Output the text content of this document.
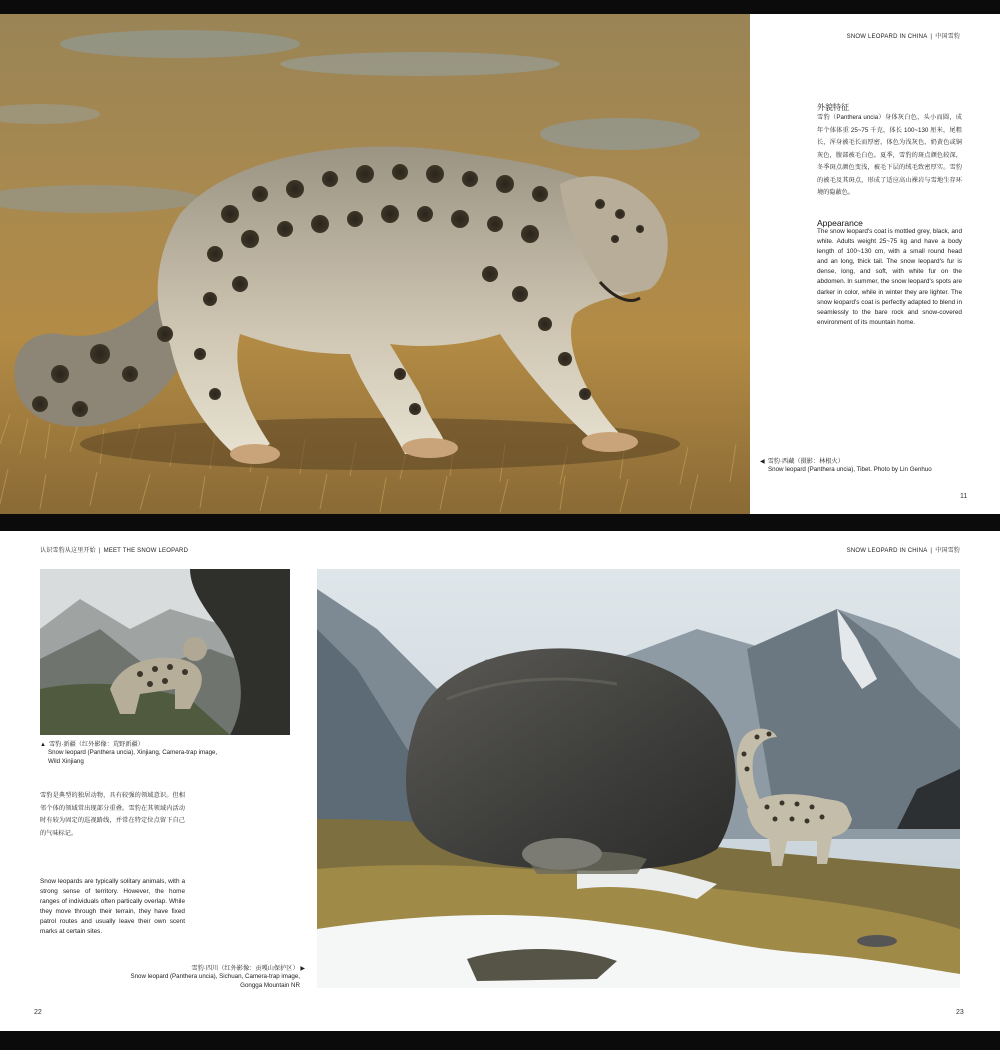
SNOW LEOPARD IN CHINA | 中国雪豹
外貌特征
雪豹（Panthera uncia）身体灰白色，头小而圆，成年个体体重 25~75 千克，体长 100~130 厘米，尾粗长，浑身被毛长而厚密，体色为浅灰色、奶黄色或铜灰色，腹部被毛白色。夏季，雪豹的斑点颜色较深，冬季斑点颜色变浅，被毛下层的绒毛致密厚实。雪豹的被毛及其斑点，形成了适应高山裸岩与雪地生存环境的隐蔽色。
Appearance
The snow leopard's coat is mottled grey, black, and white. Adults weight 25~75 kg and have a body length of 100~130 cm, with a small round head and an long, thick tail. The snow leopard's fur is dense, long, and soft, with white fur on the abdomen. In summer, the snow leopard's spots are darker in color, while in winter they are lighter. The snow leopard's coat is perfectly adapted to blend in seamlessly to the bare rock and snow-covered environment of its mountain home.
◀ 雪豹·西藏（摄影：林根火）
Snow leopard (Panthera uncia), Tibet. Photo by Lin Genhuo
11
认识雪豹从这里开始 | MEET THE SNOW LEOPARD	SNOW LEOPARD IN CHINA | 中国雪豹
▲ 雪豹·新疆（红外影像：荒野新疆）
Snow leopard (Panthera uncia), Xinjiang, Camera-trap image,
Wild Xinjiang
雪豹是典型的独居动物，具有较强的领域意识。但相邻个体的领域常出现部分重叠。雪豹在其领域内活动时有较为固定的巡视路线，并常在特定位点留下自己的气味标记。
Snow leopards are typically solitary animals, with a strong sense of territory. However, the home ranges of individuals often partically overlap. While they move through their terrain, they have fixed patrol routes and usually leave their own scent marks at certain sites.
雪豹·四川（红外影像：贡嘎山保护区） ▶
Snow leopard (Panthera uncia), Sichuan, Camera-trap image,
Gongga Mountain NR
22	23
